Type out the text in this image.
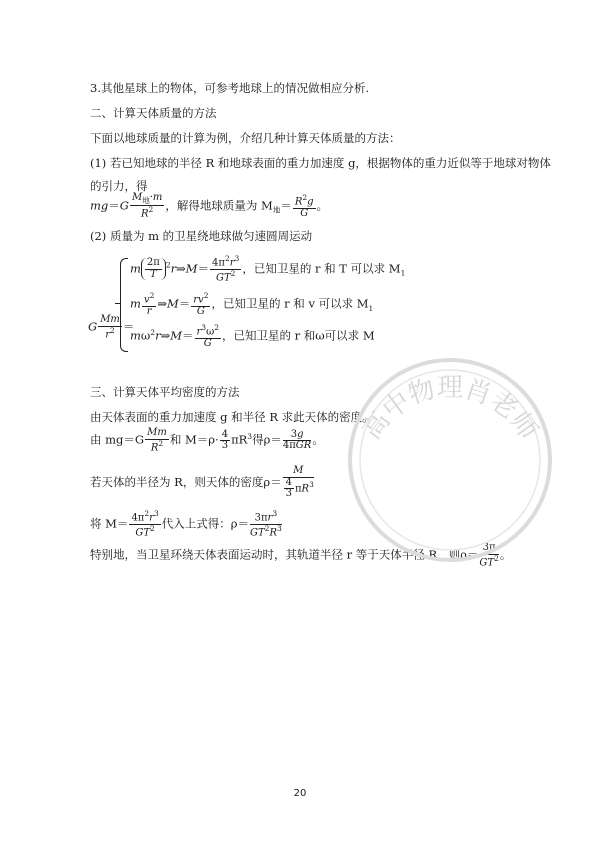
3.其他星球上的物体，可参考地球上的情况做相应分析.
二、计算天体质量的方法
下面以地球质量的计算为例，介绍几种计算天体质量的方法：
(1) 若已知地球的半径 R 和地球表面的重力加速度 g，根据物体的重力近似等于地球对物体
的引力，得
mg＝G
$M_地\cdot m$
$R^2$	，解得地球质量为 $M_地= \frac{R^2g}{G}$ 。
(2) 质量为 m 的卫星绕地球做匀速圆周运动
G $\frac{Mm}{r^2}$ ＝
m $\frac{2\pi}{T}$ $^2$r⇒M＝ $\frac{4\pi^2r^3}{GT^2}$ ，已知卫星的 r 和 T 可以求 $M_1$
m $\frac{v^2}{r}$ ⇒M＝ $\frac{rv^2}{G}$ ，已知卫星的 r 和 v 可以求 $M_1$
$m\omega^2r\Rightarrow M= \frac{r^3\omega^2}{G}$ ，已知卫星的 r 和ω可以求 M
三、计算天体平均密度的方法
由天体表面的重力加速度 g 和半径 R 求此天体的密度。
由 $mg=G \frac{Mm}{R^2}$ 和 $M=\rho\cdot \frac{4}{3} \pi R^3$得ρ＝ 3g
4πGR 。
若天体的半径为 R，则天体的密度$\rho= \frac{M}{\frac{4}{3} \pi R^3}$
将 $M= \frac{4\pi^2r^3}{GT^2}$ 代入上式得：$\rho= \frac{3\pi r^3}{GT^2R^3}$
特别地，当卫星环绕天体表面运动时，其轨道半径 r 等于天体半径 R，则$\rho= \frac{3\pi}{GT^2}$ 。
高中物理肖老师
20
